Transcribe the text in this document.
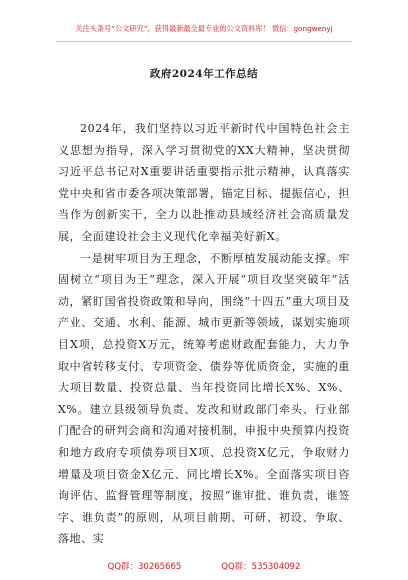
关注头条号“公文研究”，获得最新最全最专业的公文资料库！ 微信：gongwenyj
政府2024年工作总结

2024年，我们坚持以习近平新时代中国特色社会主义思想为指导，深入学习贯彻党的XX大精神，坚决贯彻习近平总书记对X重要讲话重要指示批示精神，认真落实党中央和省市委各项决策部署，锚定目标、提振信心，担当作为创新实干，全力以赴推动县域经济社会高质量发展，全面建设社会主义现代化幸福美好新X。

一是树牢项目为王理念，不断厚植发展动能支撑。牢固树立“项目为王”理念，深入开展“项目攻坚突破年”活动，紧盯国省投资政策和导向，围绕“十四五”重大项目及产业、交通、水利、能源、城市更新等领域，谋划实施项目X项，总投资X万元，统筹考虑财政配套能力，大力争取中省转移支付、专项资金、债券等优质资金，实施的重大项目数量、投资总量、当年投资同比增长X%、X%、X%。建立县级领导负责、发改和财政部门牵头、行业部门配合的研判会商和沟通对接机制，申报中央预算内投资和地方政府专项债券项目X项、总投资X亿元，争取财力增量及项目资金X亿元、同比增长X%。全面落实项目咨询评估、监督管理等制度，按照“谁审批、谁负责，谁签字、谁负责”的原则，从项目前期、可研、初设、争取、落地、实

QQ群：30265665	QQ群：535304092
